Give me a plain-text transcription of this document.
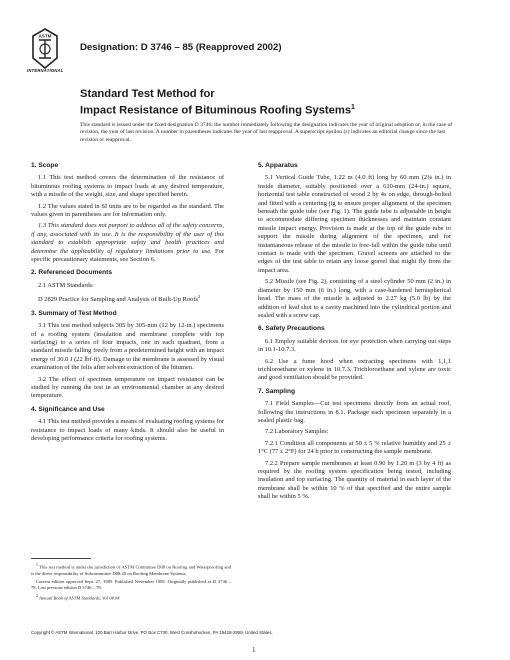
ASTM
INTERNATIONAL
Designation: D 3746 – 85 (Reapproved 2002)
Standard Test Method for
Impact Resistance of Bituminous Roofing Systems$^1$
This standard is issued under the fixed designation D 3746; the number immediately following the designation indicates the year of original adoption or, in the case of revision, the year of last revision. A number in parentheses indicates the year of last reapproval. A superscript epsilon (ε) indicates an editorial change since the last revision or reapproval.
1. Scope

1.1 This test method covers the determination of the resistance of bituminous roofing systems to impact loads at any desired temperature, with a missile of the weight, size, and shape specified herein.

1.2 The values stated in SI units are to be regarded as the standard. The values given in parentheses are for information only.

1.3 This standard does not purport to address all of the safety concerns, if any, associated with its use. It is the responsibility of the user of this standard to establish appropriate safety and health practices and determine the applicability of regulatory limitations prior to use. For specific precautionary statements, see Section 6.

2. Referenced Documents

2.1 ASTM Standards:

D 2829 Practice for Sampling and Analysis of Built-Up Roofs$^2$

3. Summary of Test Method

3.1 This test method subjects 305 by 305-mm (12 by 12-in.) specimens of a roofing system (insulation and membrane complete with top surfacing) to a series of four impacts, one in each quadrant, from a standard missile falling freely from a predetermined height with an impact energy of 30.0 J (22 lbf·ft). Damage to the membrane is assessed by visual examination of the felts after solvent extraction of the bitumen.

3.2 The effect of specimen temperature on impact resistance can be studied by running the test in an environmental chamber at any desired temperature.

4. Significance and Use

4.1 This test method provides a means of evaluating roofing systems for resistance to impact loads of many kinds. It should also be useful in developing performance criteria for roofing systems.

5. Apparatus

5.1 Vertical Guide Tube, 1.22 m (4.0 ft) long by 60 mm (2⅜ in.) in inside diameter, suitably positioned over a 610-mm (24-in.) square, horizontal test table constructed of wood 2 by 4s on edge, through-bolted and fitted with a centering jig to ensure proper alignment of the specimen beneath the guide tube (see Fig. 1). The guide tube is adjustable in height to accommodate differing specimen thicknesses and maintain constant missile impact energy. Provision is made at the top of the guide tube to support the missile during alignment of the specimen, and for instantaneous release of the missile to free-fall within the guide tube until contact is made with the specimen. Gravel screens are attached to the edges of the test table to retain any loose gravel that might fly from the impact area.

5.2 Missile (see Fig. 2), consisting of a steel cylinder 50 mm (2 in.) in diameter by 150 mm (6 in.) long, with a case-hardened hemispherical head. The mass of the missile is adjusted to 2.27 kg (5.0 lb) by the addition of lead shot to a cavity machined into the cylindrical portion and sealed with a screw cap.

6. Safety Precautions

6.1 Employ suitable devices for eye protection when carrying out steps in 10.1-10.7.3.

6.2 Use a fume hood when extracting specimens with 1,1,1 trichloroethane or xylene in 10.7.3. Trichloroethane and xylene are toxic and good ventilation should be provided.

7. Sampling

7.1 Field Samples—Cut test specimens directly from an actual roof, following the instructions in 8.1. Package each specimen separately in a sealed plastic bag.

7.2 Laboratory Samples:

7.2.1 Condition all components at 50 ± 5 % relative humidity and 25 ± 1°C (77 ± 2°F) for 24 h prior to constructing the sample membrane.

7.2.2 Prepare sample membranes at least 0.90 by 1.20 m (3 by 4 ft) as required by the roofing system specification being tested, including insulation and top surfacing. The quantity of material in each layer of the membrane shall be within 10 % of that specified and the entire sample shall be within 5 %.

$^1$ This test method is under the jurisdiction of ASTM Committee D08 on Roofing and Waterproofing and is the direct responsibility of Subcommittee D08.20 on Roofing Membrane Systems.

Current edition approved Sept. 27, 1985. Published November 1985. Originally published as D 3746 – 78. Last previous edition D 3746 – 78.

$^2$ Annual Book of ASTM Standards, Vol 04.04.

Copyright © ASTM International, 100 Barr Harbor Drive, PO Box C700, West Conshohocken, PA 19428-2959, United States.
1
